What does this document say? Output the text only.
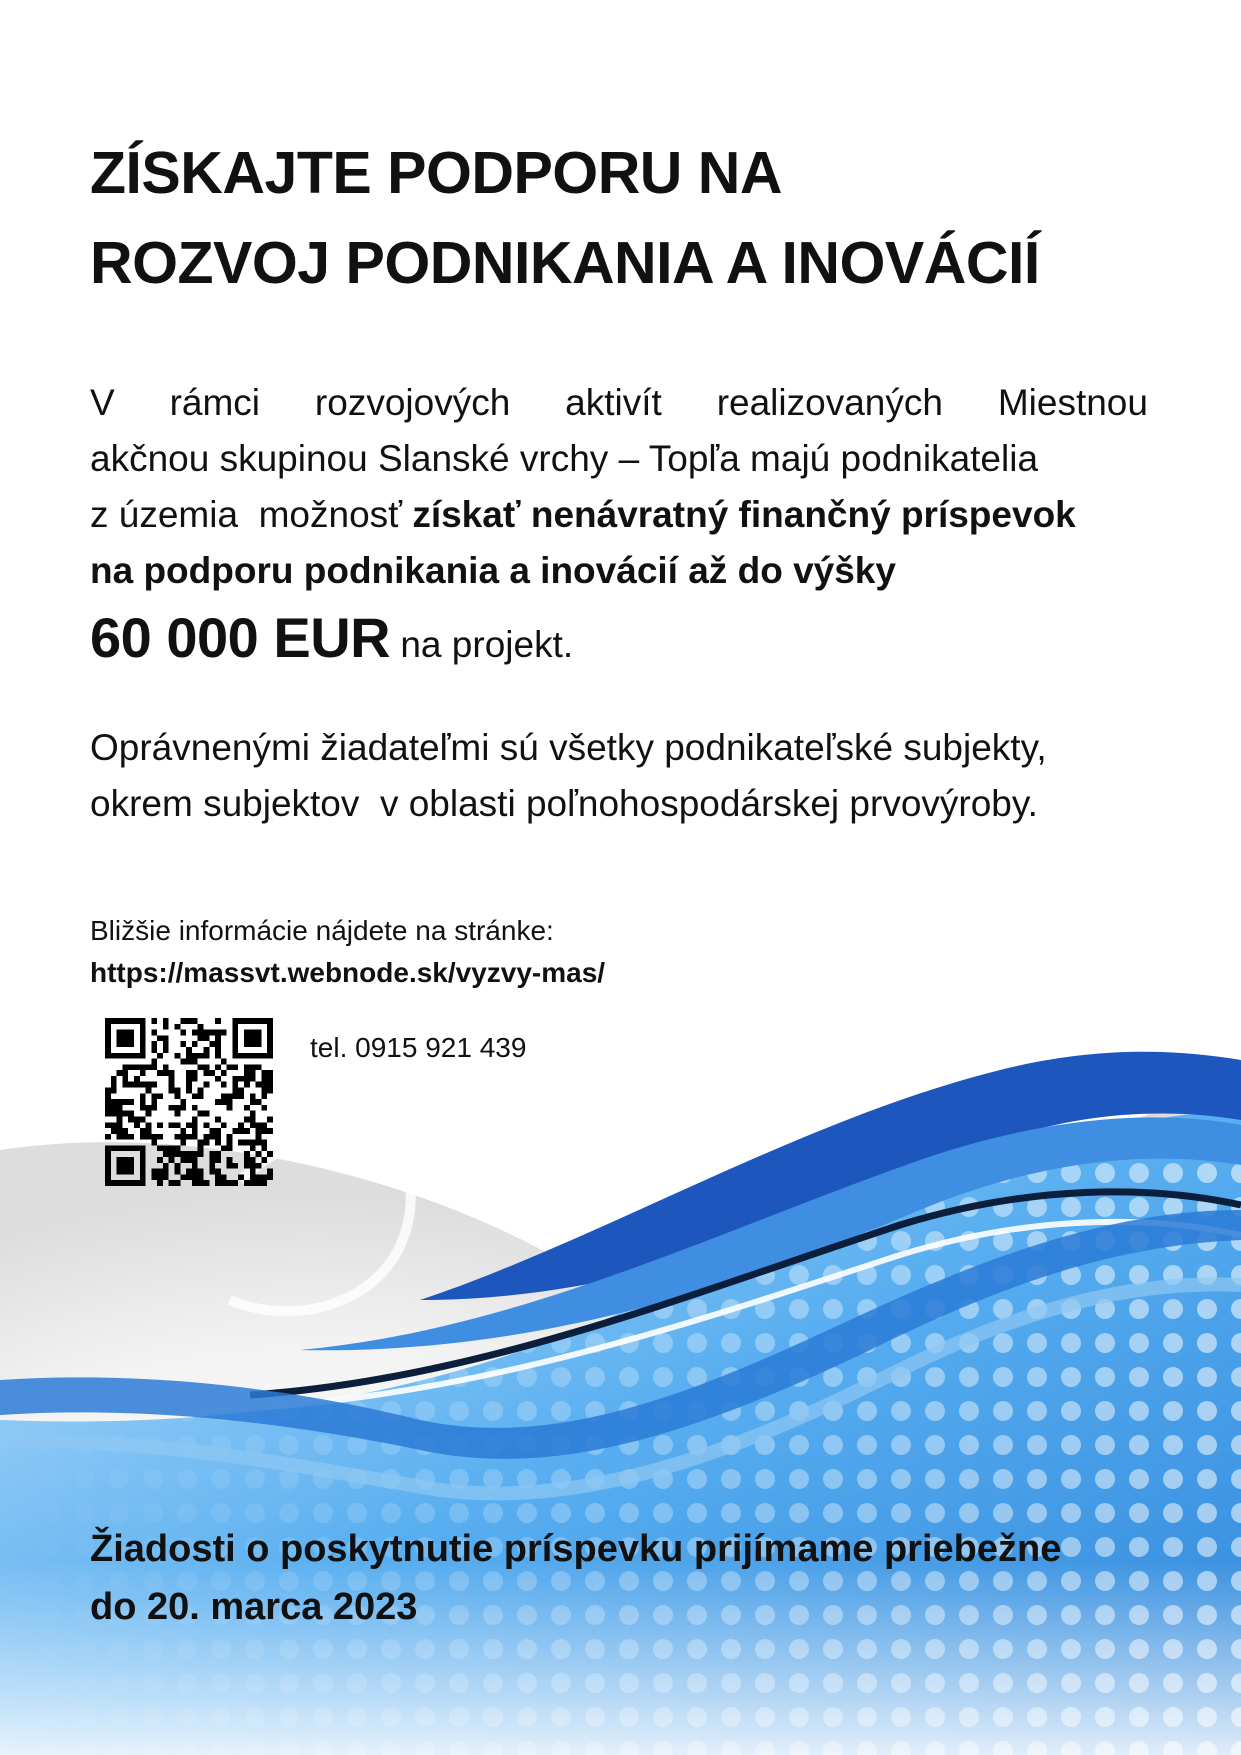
ZÍSKAJTE PODPORU NA
ROZVOJ PODNIKANIA A INOVÁCIÍ

V rámci rozvojových aktivít realizovaných Miestnou
akčnou skupinou Slanské vrchy – Topľa majú podnikatelia
z územia  možnosť získať nenávratný finančný príspevok
na podporu podnikania a inovácií až do výšky

60 000 EUR na projekt.

Oprávnenými žiadateľmi sú všetky podnikateľské subjekty,
okrem subjektov  v oblasti poľnohospodárskej prvovýroby.

Bližšie informácie nájdete na stránke:
https://massvt.webnode.sk/vyzvy-mas/

tel. 0915 921 439

Žiadosti o poskytnutie príspevku prijímame priebežne
do 20. marca 2023
